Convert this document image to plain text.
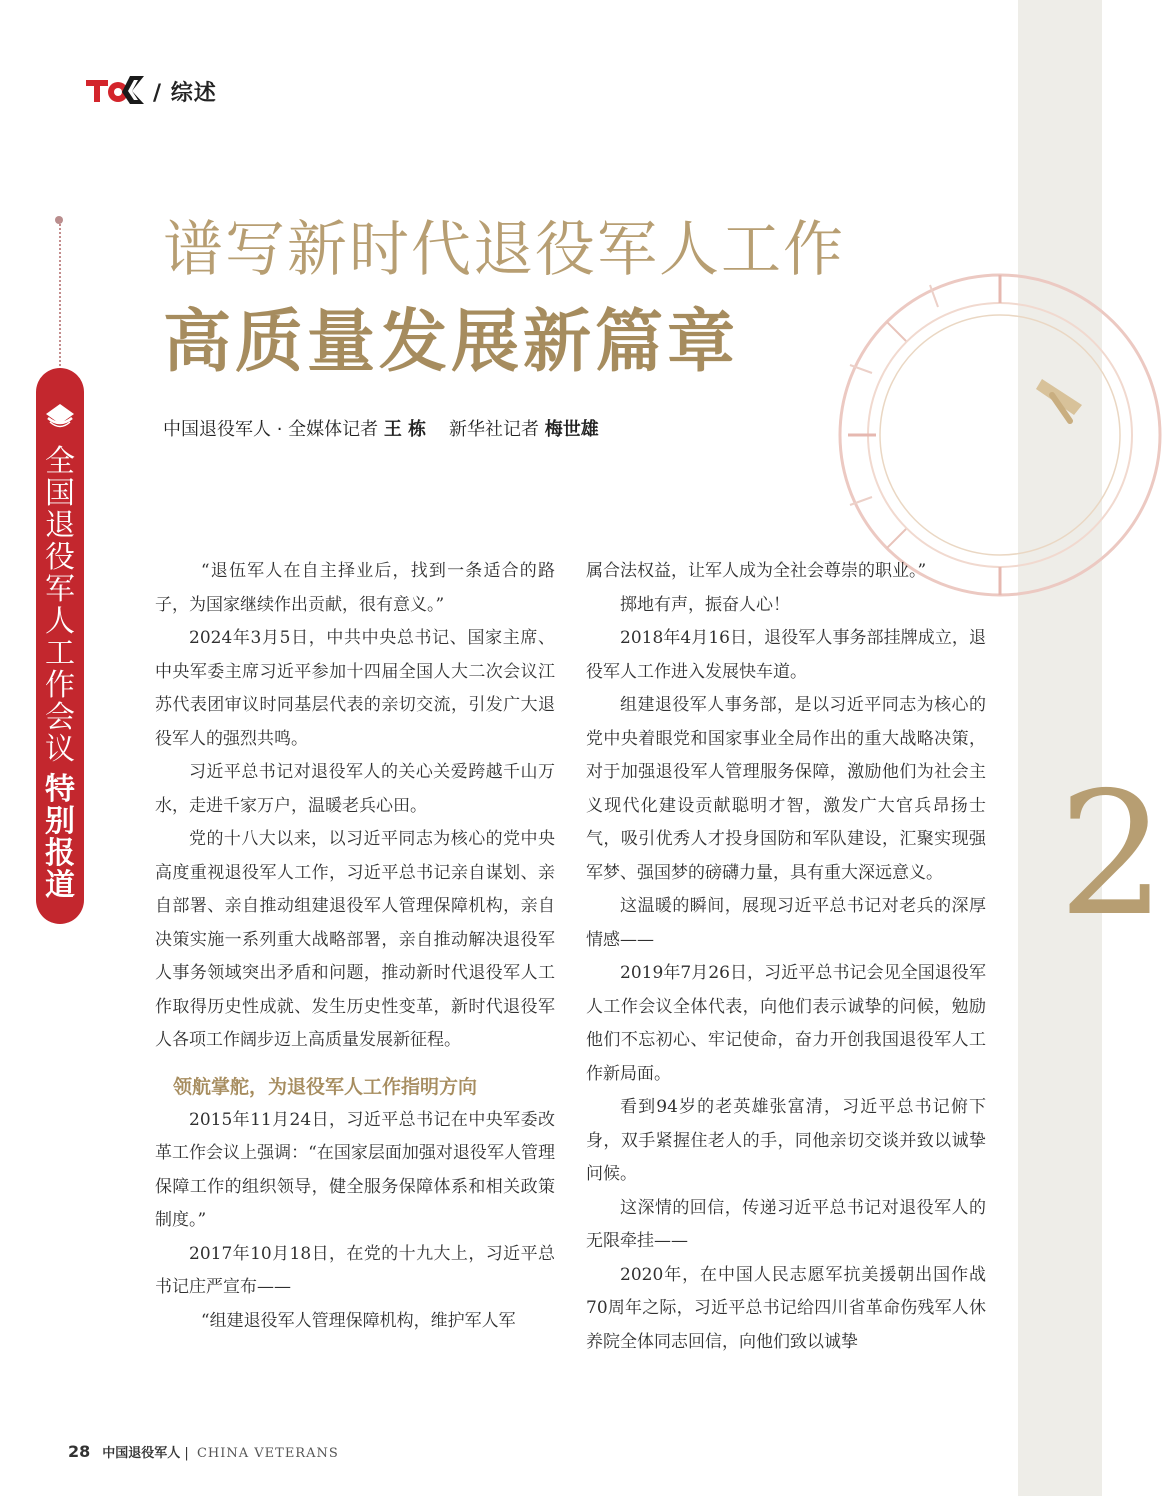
2
/ 综述
全国退役军人工作会议
特别报道
谱写新时代退役军人工作
高质量发展新篇章
中国退役军人 · 全媒体记者 王 栋    新华社记者 梅世雄

“退伍军人在自主择业后，找到一条适合的路子，为国家继续作出贡献，很有意义。”

2024年3月5日，中共中央总书记、国家主席、中央军委主席习近平参加十四届全国人大二次会议江苏代表团审议时同基层代表的亲切交流，引发广大退役军人的强烈共鸣。

习近平总书记对退役军人的关心关爱跨越千山万水，走进千家万户，温暖老兵心田。

党的十八大以来，以习近平同志为核心的党中央高度重视退役军人工作，习近平总书记亲自谋划、亲自部署、亲自推动组建退役军人管理保障机构，亲自决策实施一系列重大战略部署，亲自推动解决退役军人事务领域突出矛盾和问题，推动新时代退役军人工作取得历史性成就、发生历史性变革，新时代退役军人各项工作阔步迈上高质量发展新征程。

领航掌舵，为退役军人工作指明方向

2015年11月24日，习近平总书记在中央军委改革工作会议上强调：“在国家层面加强对退役军人管理保障工作的组织领导，健全服务保障体系和相关政策制度。”

2017年10月18日，在党的十九大上，习近平总书记庄严宣布——

“组建退役军人管理保障机构，维护军人军

属合法权益，让军人成为全社会尊崇的职业。”

掷地有声，振奋人心！

2018年4月16日，退役军人事务部挂牌成立，退役军人工作进入发展快车道。

组建退役军人事务部，是以习近平同志为核心的党中央着眼党和国家事业全局作出的重大战略决策，对于加强退役军人管理服务保障，激励他们为社会主义现代化建设贡献聪明才智，激发广大官兵昂扬士气，吸引优秀人才投身国防和军队建设，汇聚实现强军梦、强国梦的磅礴力量，具有重大深远意义。

这温暖的瞬间，展现习近平总书记对老兵的深厚情感——

2019年7月26日，习近平总书记会见全国退役军人工作会议全体代表，向他们表示诚挚的问候，勉励他们不忘初心、牢记使命，奋力开创我国退役军人工作新局面。

看到94岁的老英雄张富清，习近平总书记俯下身，双手紧握住老人的手，同他亲切交谈并致以诚挚问候。

这深情的回信，传递习近平总书记对退役军人的无限牵挂——

2020年，在中国人民志愿军抗美援朝出国作战70周年之际，习近平总书记给四川省革命伤残军人休养院全体同志回信，向他们致以诚挚

28 中国退役军人 | CHINA VETERANS
